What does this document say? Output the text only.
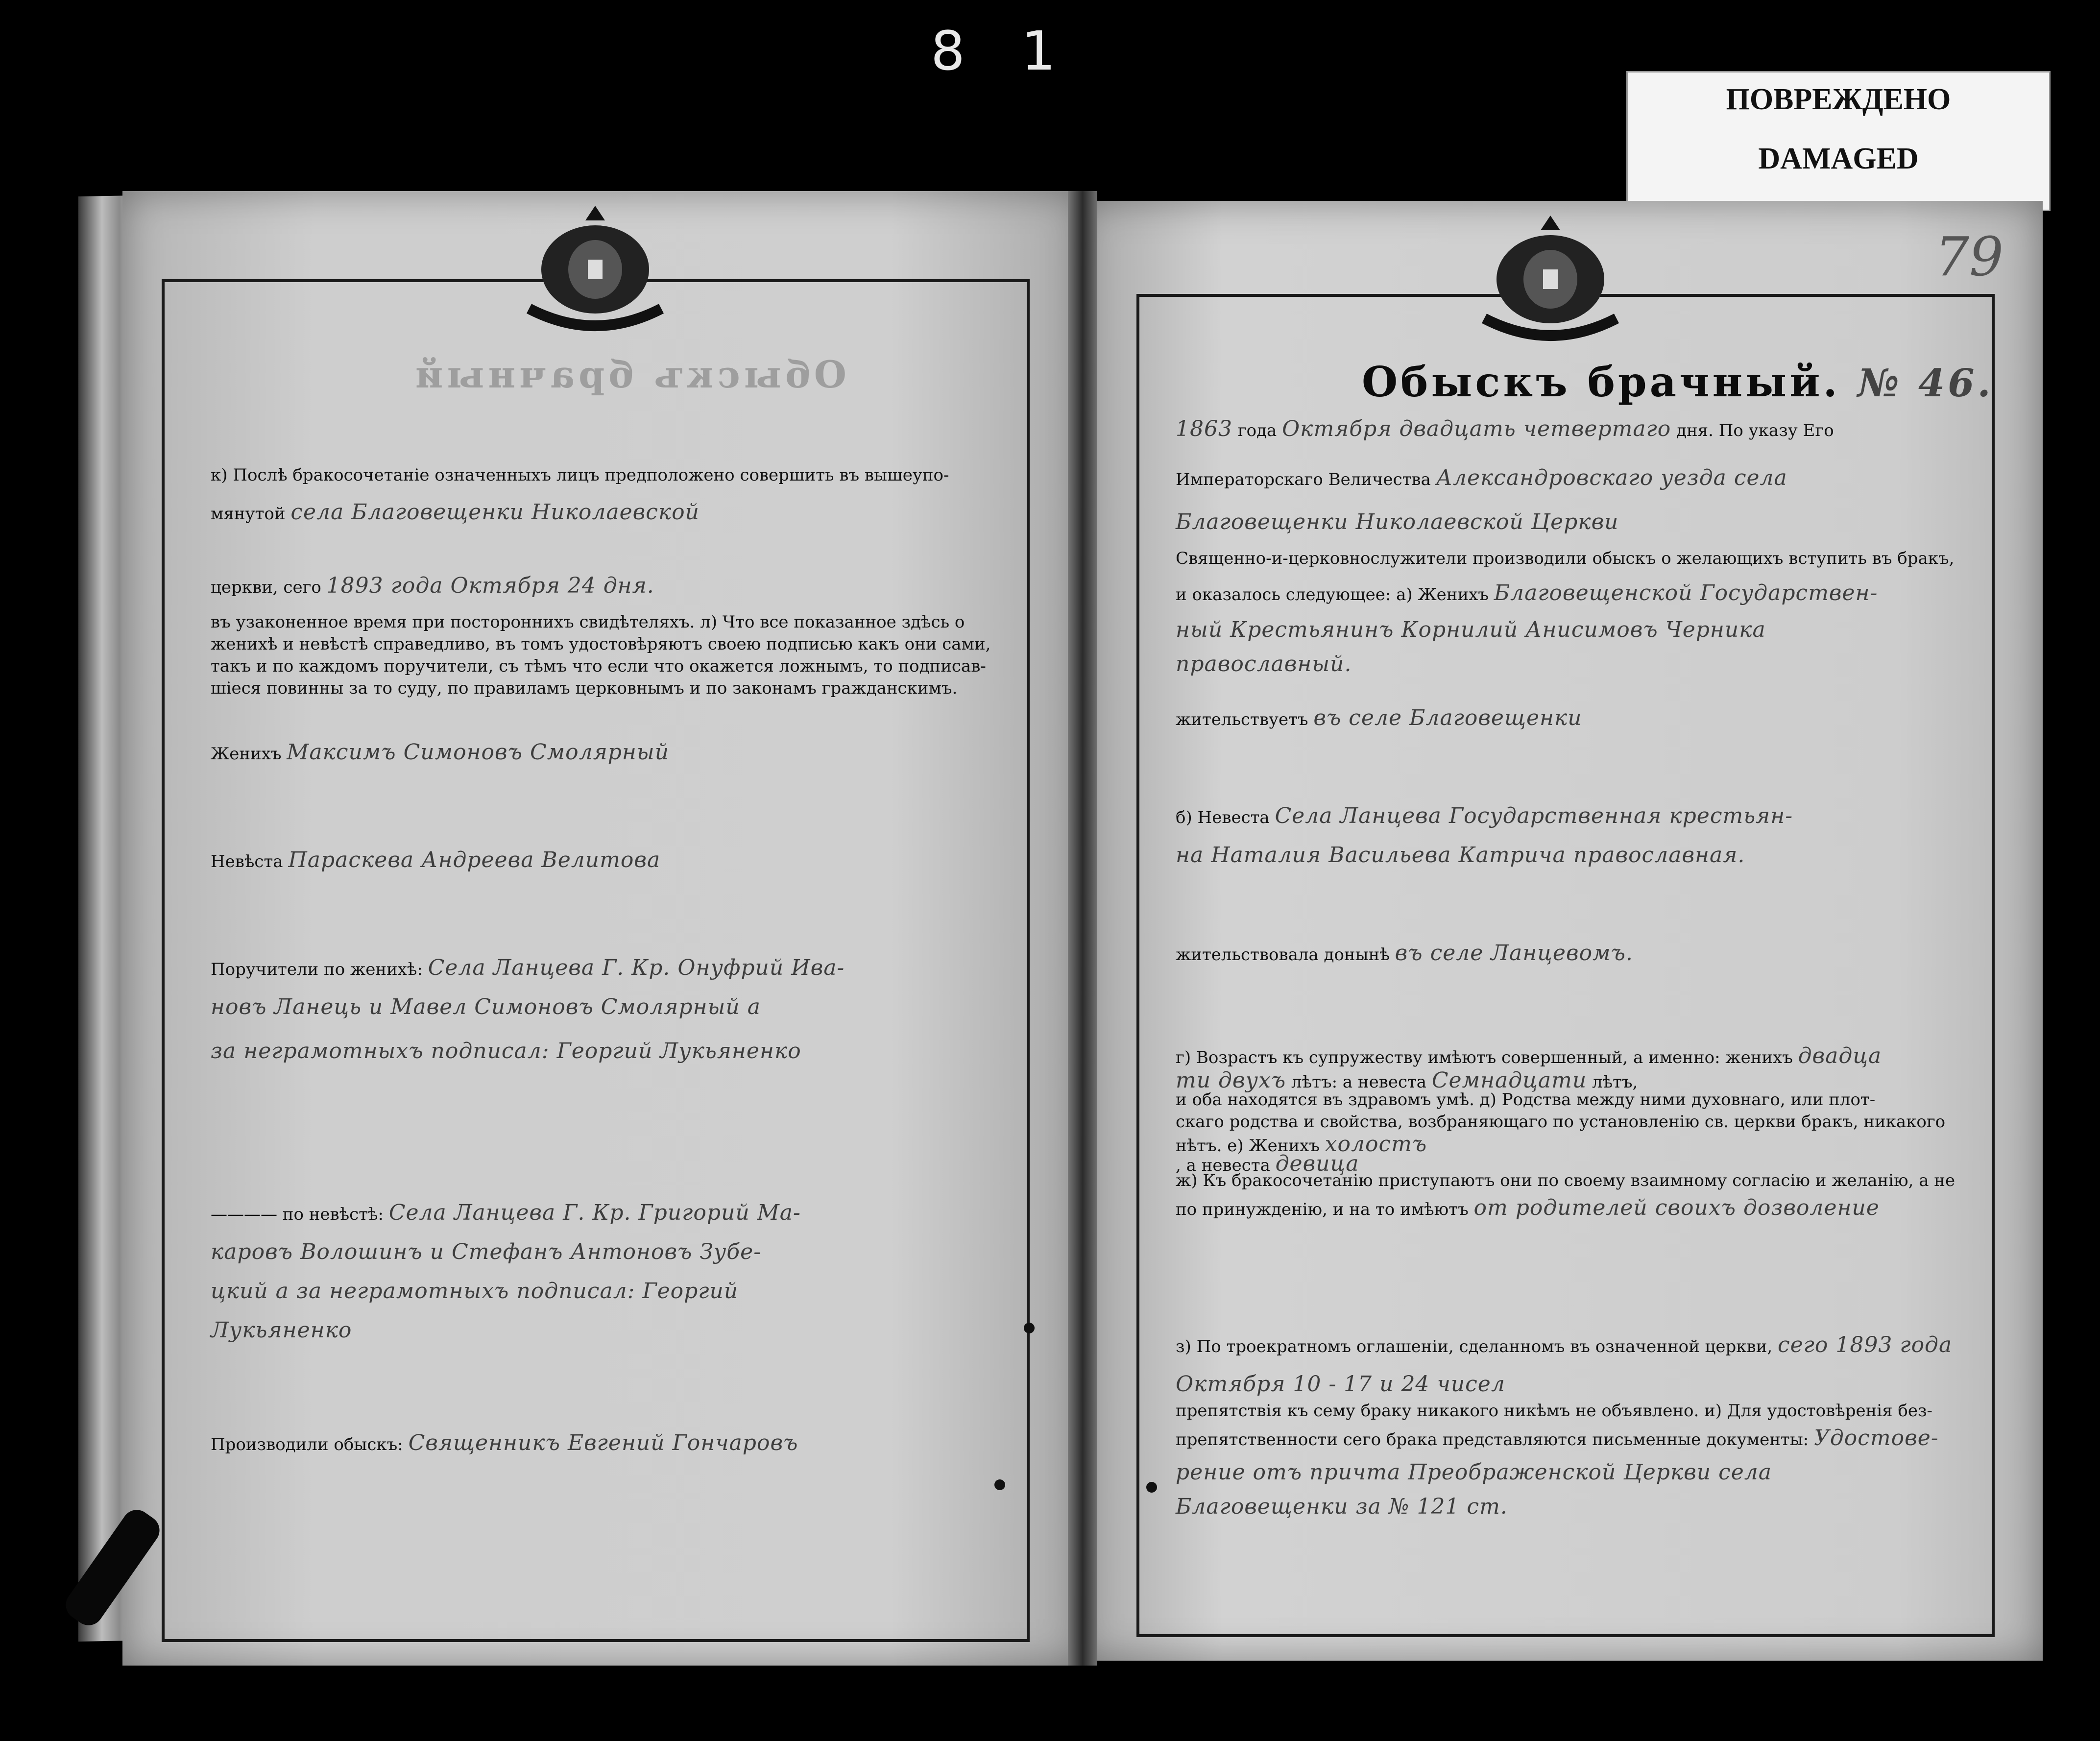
8 1
ПОВРЕЖДЕНО
DAMAGED
79
Обыскъ брачный	Обыскъ брачный. № 46.
1863 года Октября двадцать четвертаго дня. По указу Его
Императорскаго Величества Александровскаго уезда села
Благовещенки Николаевской Церкви
Священно-и-церковнослужители производили обыскъ о желающихъ вступить въ бракъ,
и оказалось следующее: а) Женихъ Благовещенской Государствен-
ный Крестьянинъ Корнилий Анисимовъ Черника
православный.
жительствуетъ въ селе Благовещенки
б) Невеста Села Ланцева Государственная крестьян-
на Наталия Васильева Катрича православная.
жительствовала донынѣ въ селе Ланцевомъ.
г) Возрастъ къ супружеству имѣютъ совершенный, а именно: женихъ двадца
ти двухъ лѣтъ: а невеста Семнадцати лѣтъ,
и оба находятся въ здравомъ умѣ. д) Родства между ними духовнаго, или плот-
скаго родства и свойства, возбраняющаго по установленію св. церкви бракъ, никакого
нѣтъ. е) Женихъ холостъ
, а невеста девица
ж) Къ бракосочетанію приступаютъ они по своему взаимному согласію и желанію, а не
по принужденію, и на то имѣютъ от родителей своихъ дозволение
з) По троекратномъ оглашеніи, сделанномъ въ означенной церкви, сего 1893 года
Октября 10 - 17 и 24 чисел
препятствія къ сему браку никакого никѣмъ не объявлено. и) Для удостовѣренія без-
препятственности сего брака представляются письменные документы: Удостове-
рение отъ причта Преображенской Церкви села
Благовещенки за № 121 ст.
к) Послѣ бракосочетаніе означенныхъ лицъ предположено совершить въ вышеупо-
мянутой села Благовещенки Николаевской
церкви, сего 1893 года Октября 24 дня.
въ узаконенное время при постороннихъ свидѣтеляхъ. л) Что все показанное здѣсь о
женихѣ и невѣстѣ справедливо, въ томъ удостовѣряютъ своею подписью какъ они сами,
такъ и по каждомъ поручители, съ тѣмъ что если что окажется ложнымъ, то подписав-
шіеся повинны за то суду, по правиламъ церковнымъ и по законамъ гражданскимъ.
Женихъ Максимъ Симоновъ Смолярный
Невѣста Параскева Андреева Велитова
Поручители по женихѣ: Села Ланцева Г. Кр. Онуфрий Ива-
новъ Ланець и Мавел Симоновъ Смолярный а
за неграмотныхъ подписал: Георгий Лукьяненко
———— по невѣстѣ: Села Ланцева Г. Кр. Григорий Ма-
каровъ Волошинъ и Стефанъ Антоновъ Зубе-
цкий а за неграмотныхъ подписал: Георгий
Лукьяненко
Производили обыскъ: Священникъ Евгений Гончаровъ
